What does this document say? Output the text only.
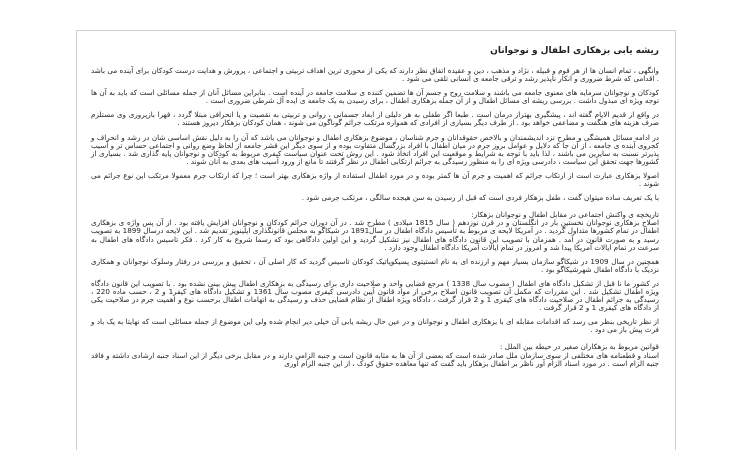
ریشه یابی بزهکاری اطفال و نوجوانان
وانگهی ، تمام انسان ها از هر قوم و قبیله ، نژاد و مذهب ، دین و عقیده اتفاق نظر دارند که یکی از محوری ترین اهداف تربیتی و اجتماعی ، پرورش و هدایت درست کودکان برای آینده می باشد . اقدامی که شرط ضروری و انکار ناپذیر رشد و ترقی جامعه ی انسانی تلقی می شود .
کودکان و نوجوانان سرمایه های معنوی جامعه می باشند و سلامت روح و جسم آن ها تضمین کننده ی سلامت جامعه در آینده است . بنابراین مسائل آنان از جمله مسائلی است که باید به آن ها توجه ویژه ای مبذول داشت . بررسی ریشه ای مسائل اطفال و از آن جمله بزهکاری اطفال ، برای رسیدن به یک جامعه ی ایده آل شرطی ضروری است .
در واقع از قدیم الایام گفته اند ، پیشگیری بهتراز درمان است . طبعا اگر طفلی به هر دلیلی از ابعاد جسمانی ، روانی و تربیتی به نقصیت و یا انحرافی مبتلا گردد ، قهرا بازپروری وی مستلزم صرف هزینه های هنگفت و مضاعفی خواهد بود . از طرف دیگر بسیاری از افرادی که همواره مرتکب جرائم گوناگون می شوند ، همان کودکان بزهکار دیروز هستند .
در ادامه مسائل همیشگی و مطرح نزد اندیشمندان و بالاخص حقوقدانان و جرم شناسان ، موضوع بزهکاری اطفال و نوجوانان می باشد که آن را به دلیل نقش اساسی شان در رشد و انحراف و کجروی آینده ی جامعه ، از آن جا که دلایل و عوامل بروز جرم در میان اطفال با افراد بزرگسال متفاوت بوده و از سوی دیگر این قشر جامعه از لحاظ وضع روانی و اجتماعی حساس تر و آسیب پذیرتر نسبت به سایرین می باشند ، لذا باید با توجه به شرایط و موقعیت این افراد اتخاذ شود . این روش تحت عنوان سیاست کیفری مربوط به کودکان و نوجوانان پایه گذاری شد . بسیاری از کشورها جهت تحقق این سیاست ، دادرسی ویژه ای را به منظور رسیدگی به جرائم ارتکابی اطفال در نظر گرفتند تا مانع از ورود آسیب های بعدی به آنان شوند .
اصولا بزهکاری عبارت است از ارتکاب جرائم که اهمیت و جرم آن ها کمتر بوده و در مورد اطفال استفاده از واژه بزهکاری بهتر است ؛ چرا که ارتکاب جرم معمولا مرتکب این نوع جرائم می شوند .
با یک تعریف ساده میتوان گفت ، طفل بزهکار فردی است که قبل از رسیدن به سن هیجده سالگی ، مرتکب جرمی شود .
تاریخچه ی واکنش اجتماعی در مقابل اطفال و نوجوانان بزهکار:
اصلاح بزهکاری نوجوانان نخستین بار در انگلستان و در قرن نوزدهم ( سال 1815 میلادی ) مطرح شد . در آن دوران جرائم کودکان و نوجوانان افزایش یافته بود . از آن پس واژه ی بزهکاری اطفال در تمام کشورها متداول گردید . در آمریکا لایحه ی مربوط به تأسیس دادگاه اطفال در سال1891 در شیکاگو به مجلس قانونگذاری ایلینویز تقدیم شد . این لایحه درسال 1899 به تصویب رسید و به صورت قانون در آمد . همزمان با تصویب این قانون دادگاه های اطفال نیز تشکیل گردید و این اولین دادگاهی بود که رسما شروع به کار کرد . فکر تاسیس دادگاه های اطفال به سرعت در تمام ایالات آمریکا پیدا شد و امروز در تمام ایالات آمریکا دادگاه اطفال وجود دارد .
همچنین در سال 1909 در شیکاگو سازمان بسیار مهم و ارزنده ای به نام انستیتوی پسیکوپاتیک کودکان تاسیس گردید که کار اصلی آن ، تحقیق و بررسی در رفتار وسلوک نوجوانان و همکاری نزدیک با دادگاه اطفال شهرشیکاگو بود .
در کشور ما نا قبل از تشکیل دادگاه های اطفال ( مصوب سال 1338 ) مرجع قضایی واحد و صلاحیت داری برای رسیدگی به بزهکاری اطفال پیش بینی نشده بود . با تصویب این قانون دادگاه ویژه اطفال تشکیل شد . این مقررات که مکمل آن تصویب قانون اصلاح برخی از مواد قانون آیین دادرسی کیفری مصوب سال 1361 و تشکیل دادگاه های کیفر1 و 2 ، حسب ماده 220 ، رسیدگی به جرائم اطفال در صلاحیت دادگاه های کیفری 1 و 2 قرار گرفت ، دادگاه ویژه اطفال از نظام قضایی حذف و رسیدگی به اتهامات اطفال برحسب نوع و اهمیت جرم در صلاحیت یکی از دادگاه های کیفری 1 و 2 قرار گرفت .
از نظر تاریخی بنظر می رسد که اقدامات مقابله ای با بزهکاری اطفال و نوجوانان و در عین حال ریشه یابی آن خیلی دیر انجام شده ولی این موضوع از جمله مسائلی است که نهایتا به یک باد و فرث پیش باز می دود .
قوانین مربوط به بزهکاران صغیر در حیطه بین الملل :
اسناد و قطعنامه های مختلفی از سوی سازمان ملل صادر شده است که بعضی از آن ها به مثابه قانون است و جنبه الزامی دارند و در مقابل برخی دیگر از این اسناد جنبه ارشادی داشته و فاقد جنبه الزام است . در مورد اسناد الزام آور ناظر بر اطفال بزهکار باید گفت که تنها معاهده حقوق کودک ، از این جنبه الزام آوری
